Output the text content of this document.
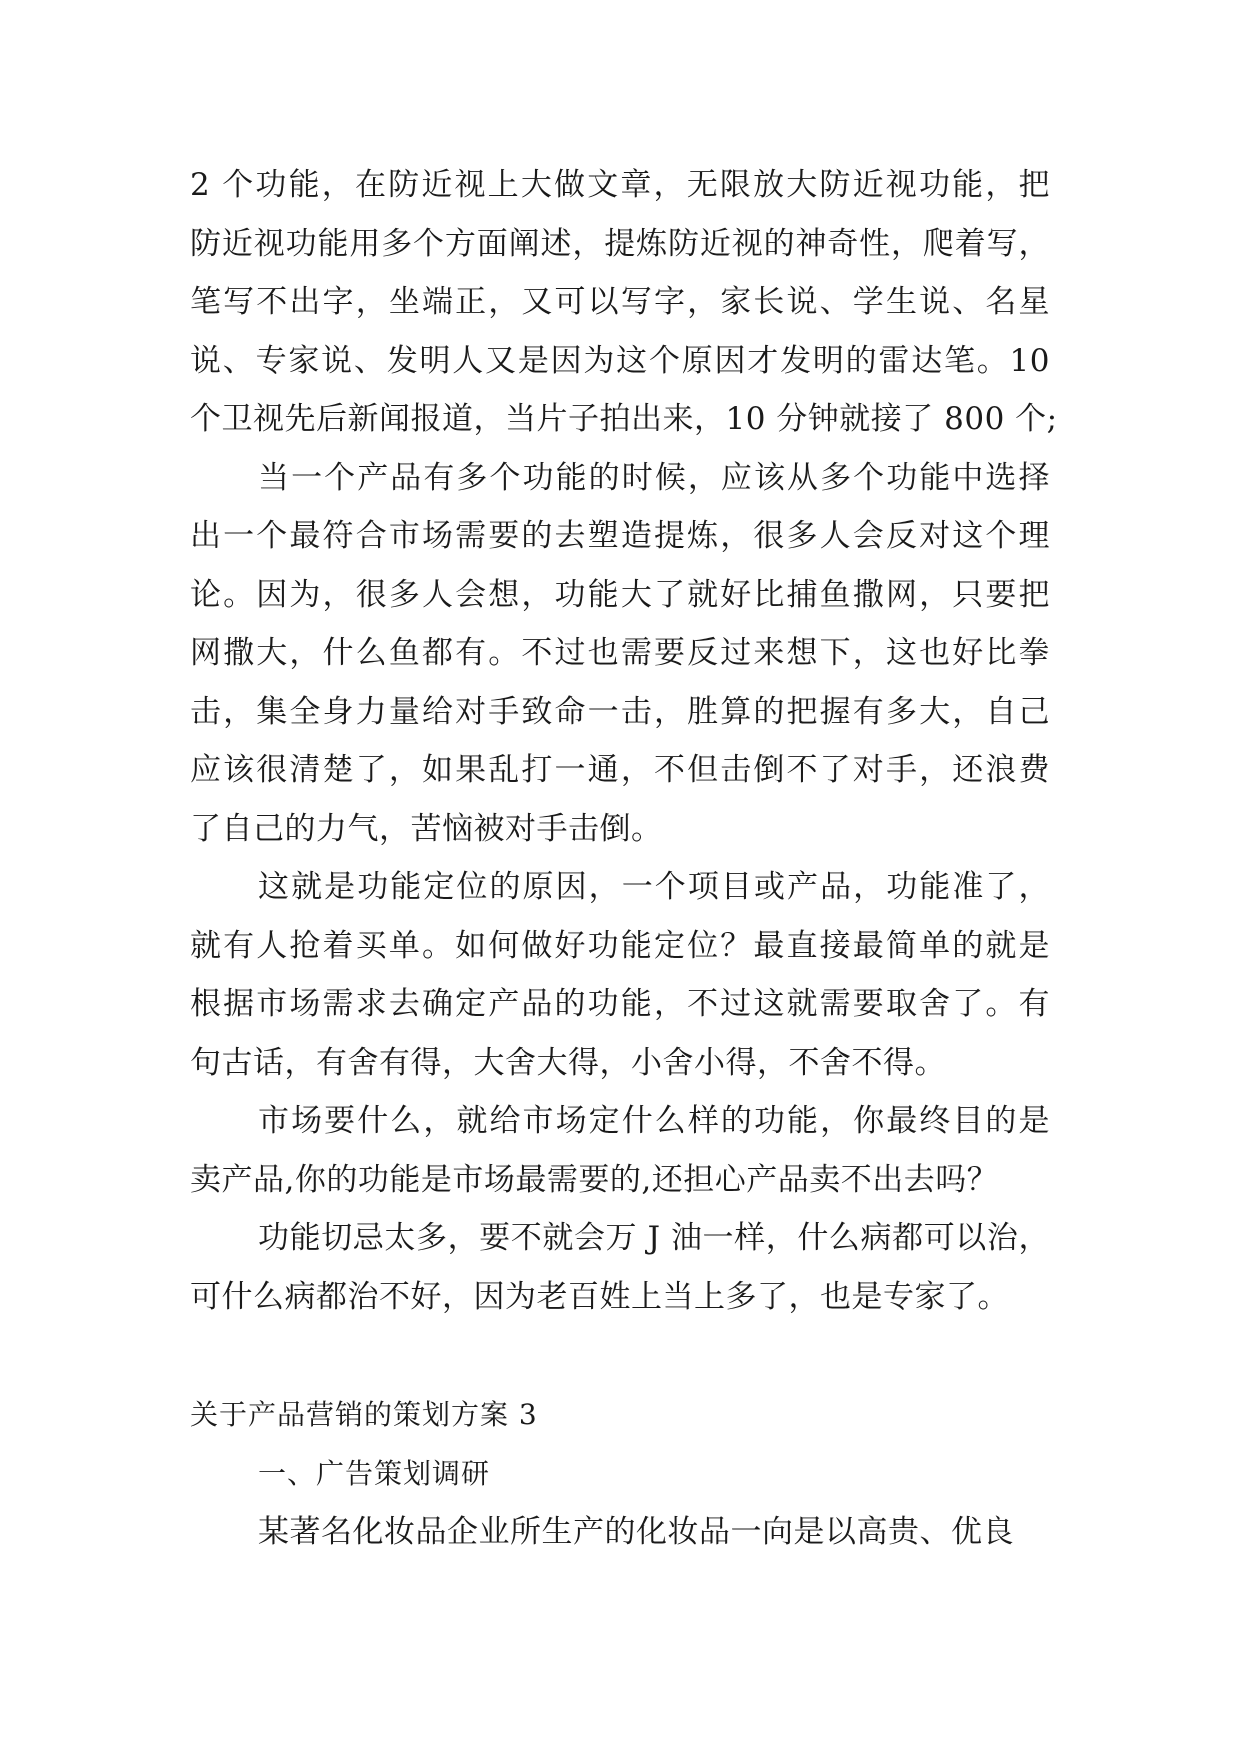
2 个功能，在防近视上大做文章，无限放大防近视功能，把
防近视功能用多个方面阐述，提炼防近视的神奇性，爬着写，
笔写不出字，坐端正，又可以写字，家长说、学生说、名星
说、专家说、发明人又是因为这个原因才发明的雷达笔。10
个卫视先后新闻报道，当片子拍出来，10 分钟就接了 800 个;
当一个产品有多个功能的时候，应该从多个功能中选择
出一个最符合市场需要的去塑造提炼，很多人会反对这个理
论。因为，很多人会想，功能大了就好比捕鱼撒网，只要把
网撒大，什么鱼都有。不过也需要反过来想下，这也好比拳
击，集全身力量给对手致命一击，胜算的把握有多大，自己
应该很清楚了，如果乱打一通，不但击倒不了对手，还浪费
了自己的力气，苦恼被对手击倒。
这就是功能定位的原因，一个项目或产品，功能准了，
就有人抢着买单。如何做好功能定位？最直接最简单的就是
根据市场需求去确定产品的功能，不过这就需要取舍了。有
句古话，有舍有得，大舍大得，小舍小得，不舍不得。
市场要什么，就给市场定什么样的功能，你最终目的是
卖产品,你的功能是市场最需要的,还担心产品卖不出去吗？
功能切忌太多，要不就会万 J 油一样，什么病都可以治，
可什么病都治不好，因为老百姓上当上多了，也是专家了。
关于产品营销的策划方案 3
一、广告策划调研
某著名化妆品企业所生产的化妆品一向是以高贵、优良
